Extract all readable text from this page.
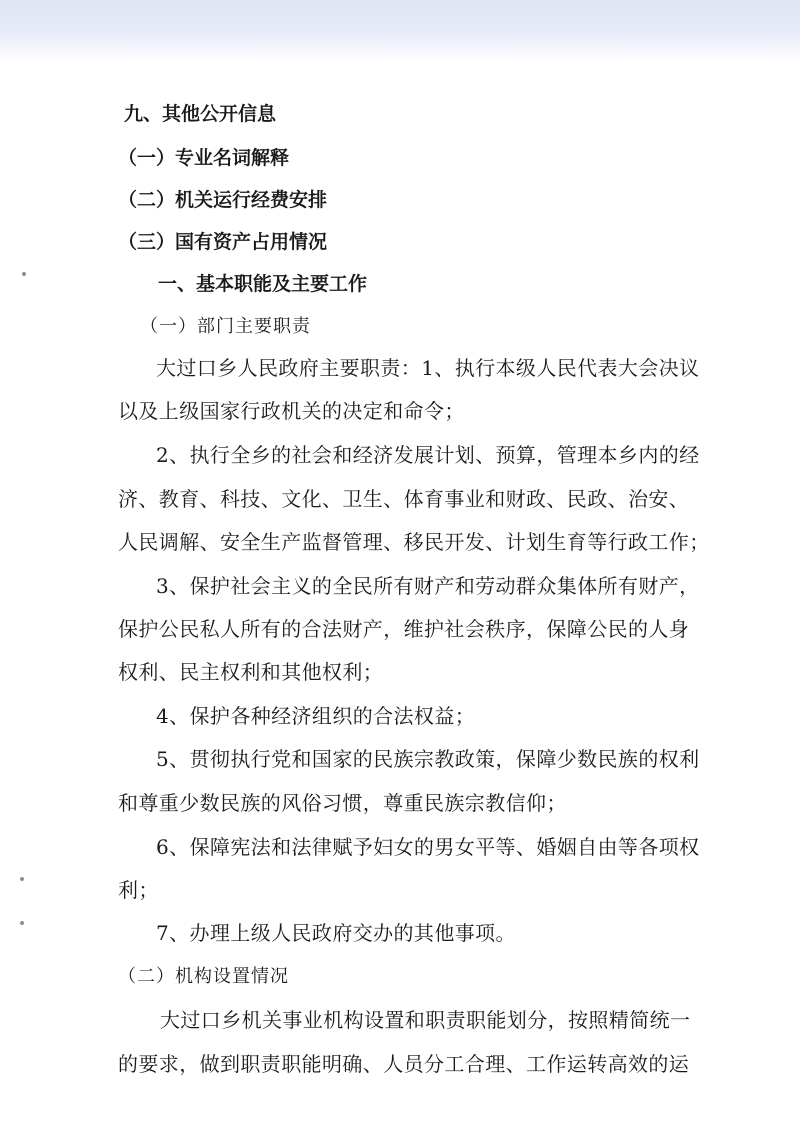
九、其他公开信息
（一）专业名词解释
（二）机关运行经费安排
（三）国有资产占用情况
一、基本职能及主要工作
（一）部门主要职责
大过口乡人民政府主要职责：1、执行本级人民代表大会决议
以及上级国家行政机关的决定和命令；
2、执行全乡的社会和经济发展计划、预算，管理本乡内的经
济、教育、科技、文化、卫生、体育事业和财政、民政、治安、
人民调解、安全生产监督管理、移民开发、计划生育等行政工作；
3、保护社会主义的全民所有财产和劳动群众集体所有财产，
保护公民私人所有的合法财产，维护社会秩序，保障公民的人身
权利、民主权利和其他权利；
4、保护各种经济组织的合法权益；
5、贯彻执行党和国家的民族宗教政策，保障少数民族的权利
和尊重少数民族的风俗习惯，尊重民族宗教信仰；
6、保障宪法和法律赋予妇女的男女平等、婚姻自由等各项权
利；
7、办理上级人民政府交办的其他事项。
（二）机构设置情况
大过口乡机关事业机构设置和职责职能划分，按照精简统一
的要求，做到职责职能明确、人员分工合理、工作运转高效的运
